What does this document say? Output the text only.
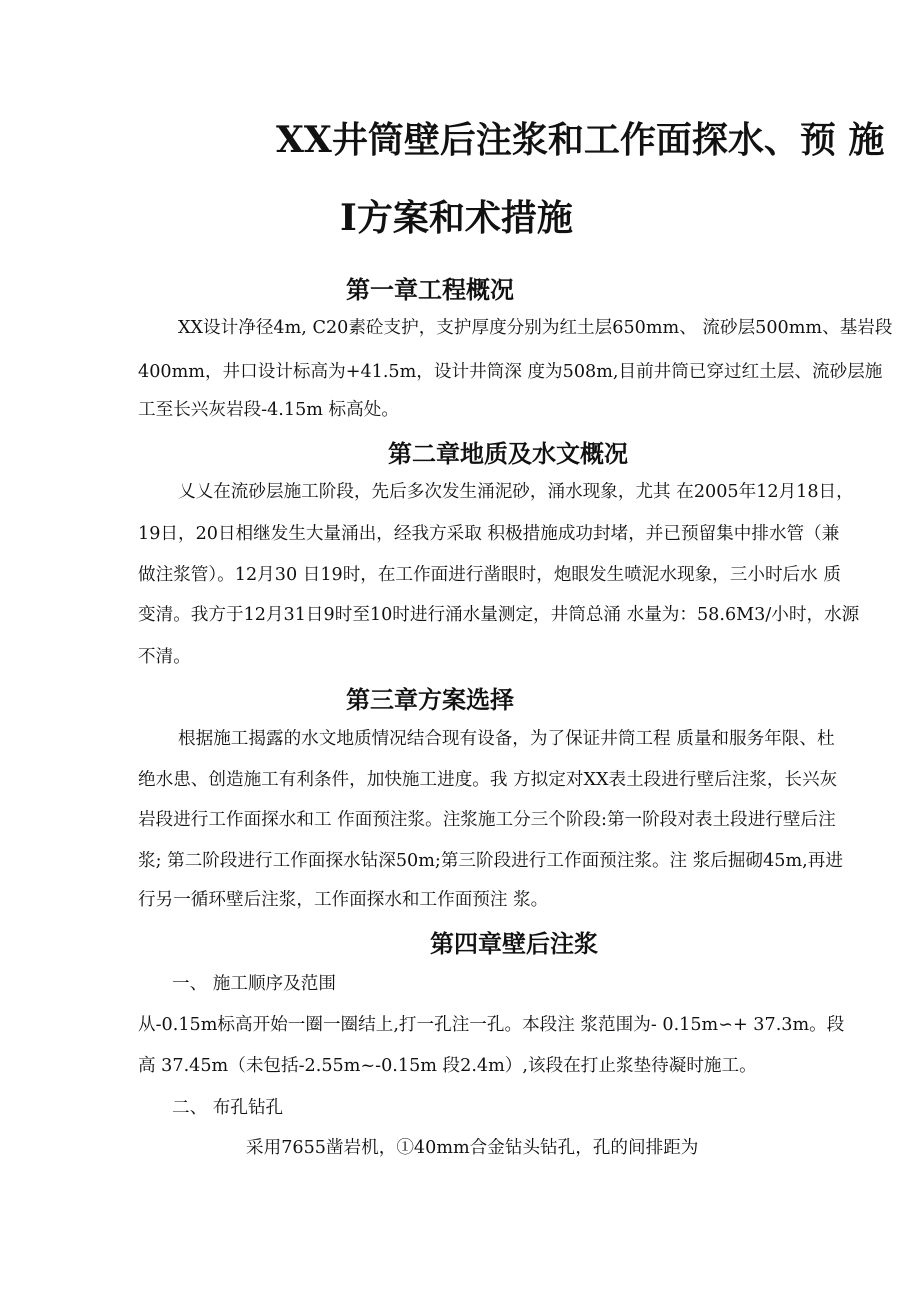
XX井筒壁后注浆和工作面探水、预 施
I方案和术措施
第一章工程概况
XX设计净径4m, C20素砼支护，支护厚度分别为红土层650mm、 流砂层500mm、基岩段
400mm，井口设计标高为+41.5m，设计井筒深 度为508m,目前井筒已穿过红土层、流砂层施
工至长兴灰岩段-4.15m 标高处。
第二章地质及水文概况
乂乂在流砂层施工阶段，先后多次发生涌泥砂，涌水现象，尤其 在2005年12月18日，
19日，20日相继发生大量涌出，经我方采取 积极措施成功封堵，并已预留集中排水管（兼
做注浆管）。12月30 日19时，在工作面进行凿眼时，炮眼发生喷泥水现象，三小时后水 质
变清。我方于12月31日9时至10时进行涌水量测定，井筒总涌 水量为：58.6M3/小时，水源
不清。
第三章方案选择
根据施工揭露的水文地质情况结合现有设备，为了保证井筒工程 质量和服务年限、杜
绝水患、创造施工有利条件，加快施工进度。我 方拟定对XX表土段进行壁后注浆，长兴灰
岩段进行工作面探水和工 作面预注浆。注浆施工分三个阶段:第一阶段对表土段进行壁后注
浆; 第二阶段进行工作面探水钻深50m;第三阶段进行工作面预注浆。注 浆后掘砌45m,再进
行另一循环壁后注浆，工作面探水和工作面预注 浆。
第四章壁后注浆
一、 施工顺序及范围
从-0.15m标高开始一圈一圈结上,打一孔注一孔。本段注 浆范围为- 0.15m∽+ 37.3m。段
高 37.45m（未包括-2.55m~-0.15m 段2.4m）,该段在打止浆垫待凝时施工。
二、 布孔钻孔
采用7655凿岩机，①40mm合金钻头钻孔，孔的间排距为
